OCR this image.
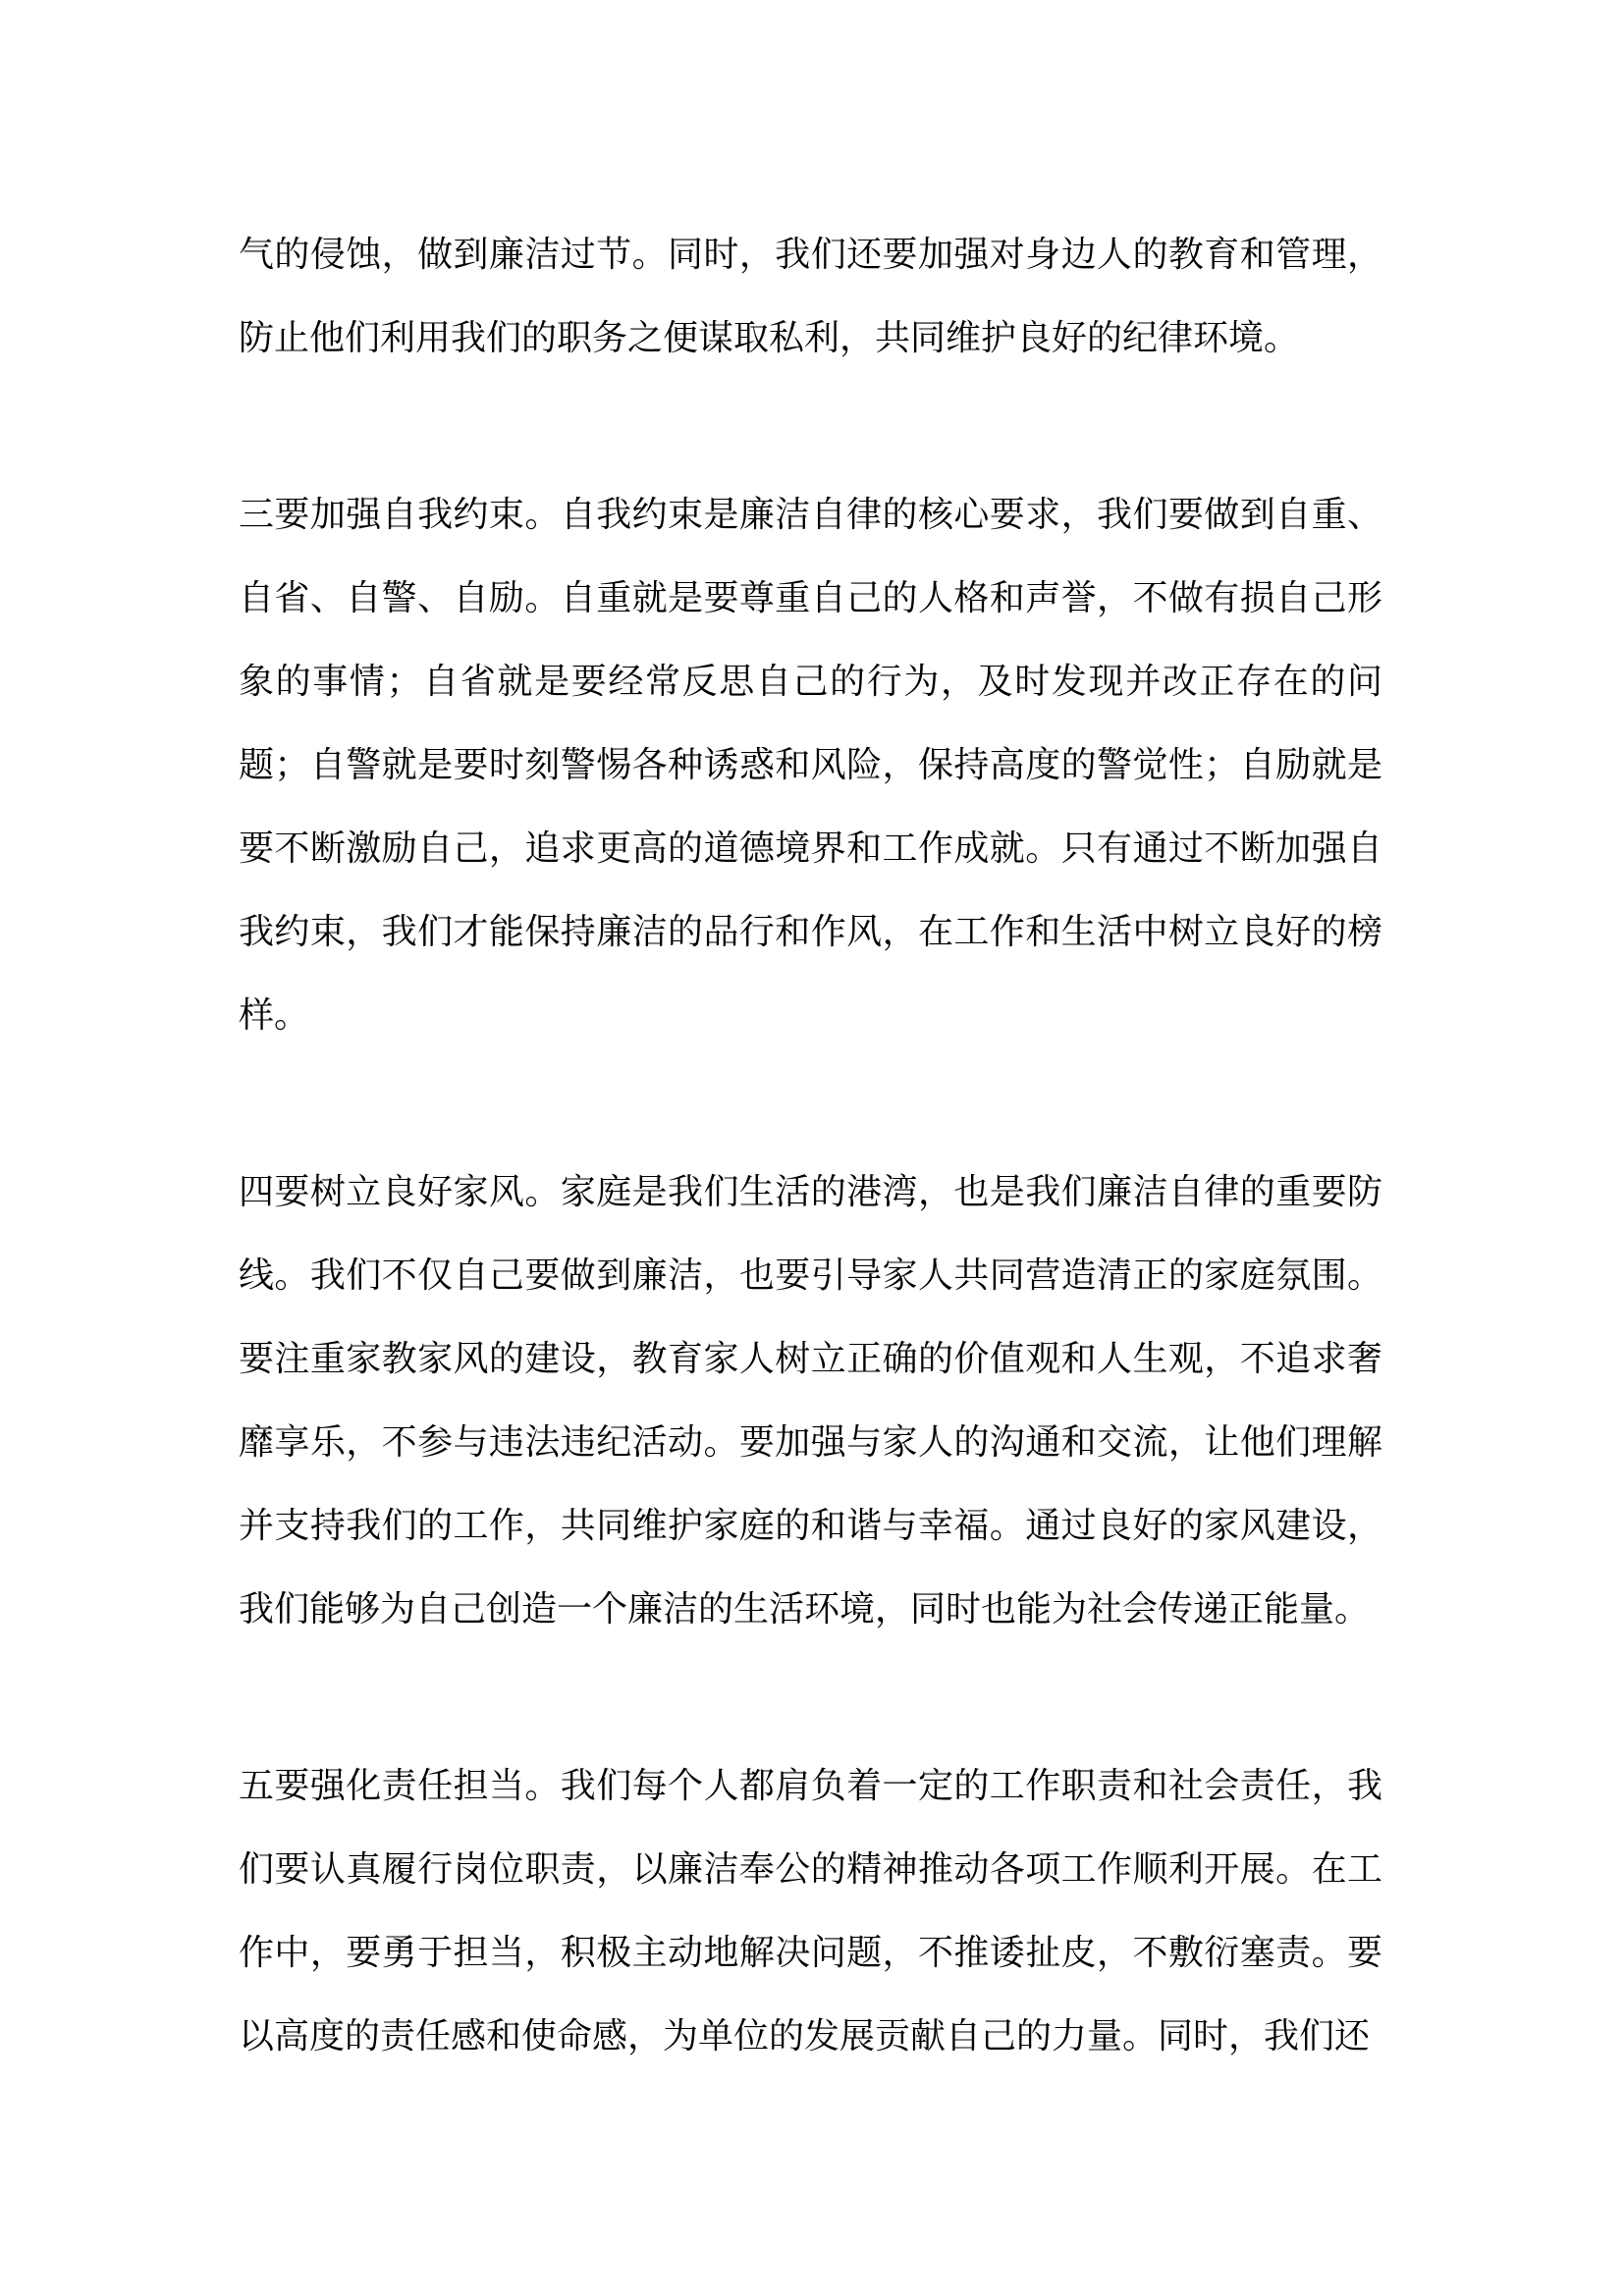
气的侵蚀，做到廉洁过节。同时，我们还要加强对身边人的教育和管理，防止他们利用我们的职务之便谋取私利，共同维护良好的纪律环境。

三要加强自我约束。自我约束是廉洁自律的核心要求，我们要做到自重、自省、自警、自励。自重就是要尊重自己的人格和声誉，不做有损自己形象的事情；自省就是要经常反思自己的行为，及时发现并改正存在的问题；自警就是要时刻警惕各种诱惑和风险，保持高度的警觉性；自励就是要不断激励自己，追求更高的道德境界和工作成就。只有通过不断加强自我约束，我们才能保持廉洁的品行和作风，在工作和生活中树立良好的榜样。

四要树立良好家风。家庭是我们生活的港湾，也是我们廉洁自律的重要防线。我们不仅自己要做到廉洁，也要引导家人共同营造清正的家庭氛围。要注重家教家风的建设，教育家人树立正确的价值观和人生观，不追求奢靡享乐，不参与违法违纪活动。要加强与家人的沟通和交流，让他们理解并支持我们的工作，共同维护家庭的和谐与幸福。通过良好的家风建设，我们能够为自己创造一个廉洁的生活环境，同时也能为社会传递正能量。

五要强化责任担当。我们每个人都肩负着一定的工作职责和社会责任，我们要认真履行岗位职责，以廉洁奉公的精神推动各项工作顺利开展。在工作中，要勇于担当，积极主动地解决问题，不推诿扯皮，不敷衍塞责。要以高度的责任感和使命感，为单位的发展贡献自己的力量。同时，我们还
